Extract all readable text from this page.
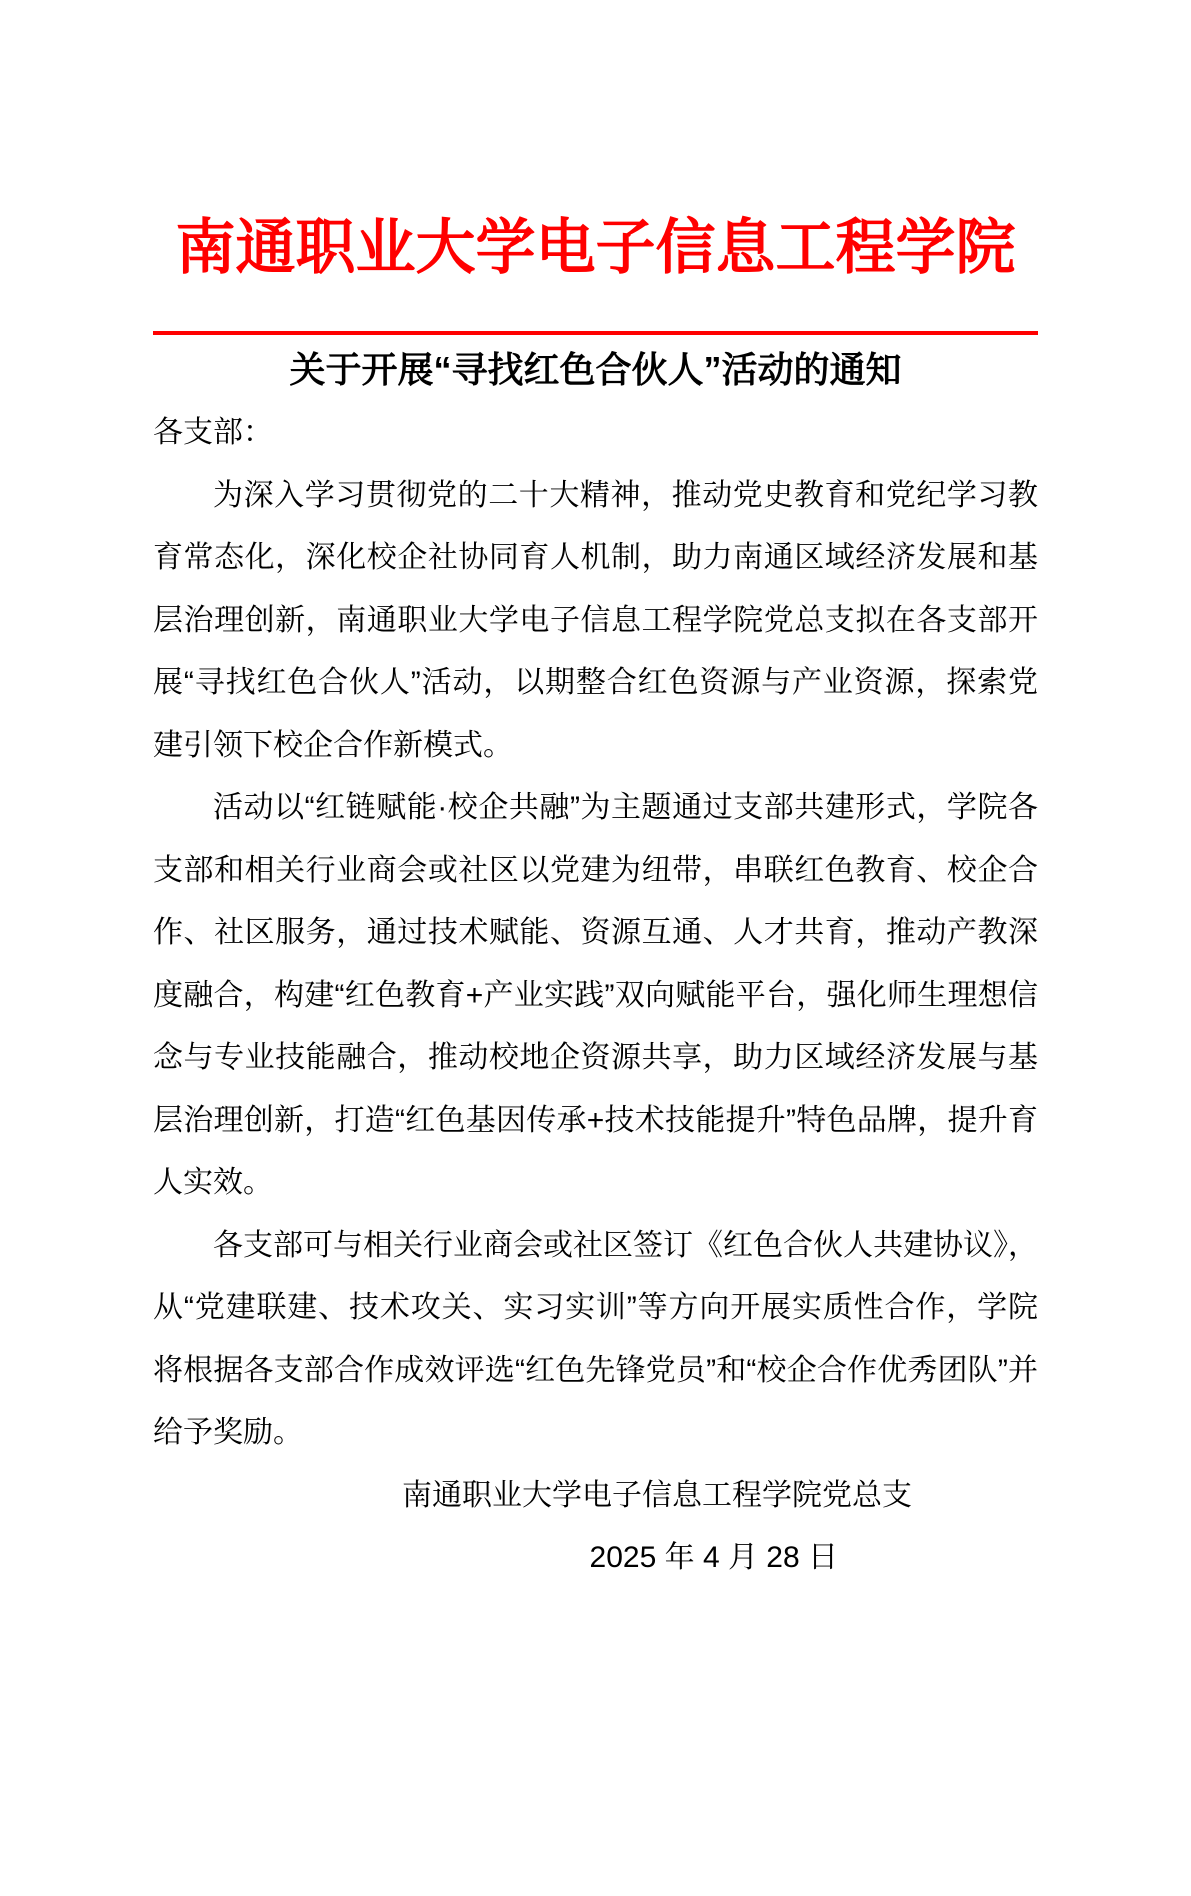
南通职业大学电子信息工程学院
关于开展“寻找红色合伙人”活动的通知

各支部：

为深入学习贯彻党的二十大精神，推动党史教育和党纪学习教育常态化，深化校企社协同育人机制，助力南通区域经济发展和基层治理创新，南通职业大学电子信息工程学院党总支拟在各支部开展“寻找红色合伙人”活动，以期整合红色资源与产业资源，探索党建引领下校企合作新模式。

活动以“红链赋能·校企共融”为主题通过支部共建形式，学院各支部和相关行业商会或社区以党建为纽带，串联红色教育、校企合作、社区服务，通过技术赋能、资源互通、人才共育，推动产教深度融合，构建“红色教育+产业实践”双向赋能平台，强化师生理想信念与专业技能融合，推动校地企资源共享，助力区域经济发展与基层治理创新，打造“红色基因传承+技术技能提升”特色品牌，提升育人实效。

各支部可与相关行业商会或社区签订《红色合伙人共建协议》，从“党建联建、技术攻关、实习实训”等方向开展实质性合作，学院将根据各支部合作成效评选“红色先锋党员”和“校企合作优秀团队”并给予奖励。

南通职业大学电子信息工程学院党总支

2025 年 4 月 28 日
